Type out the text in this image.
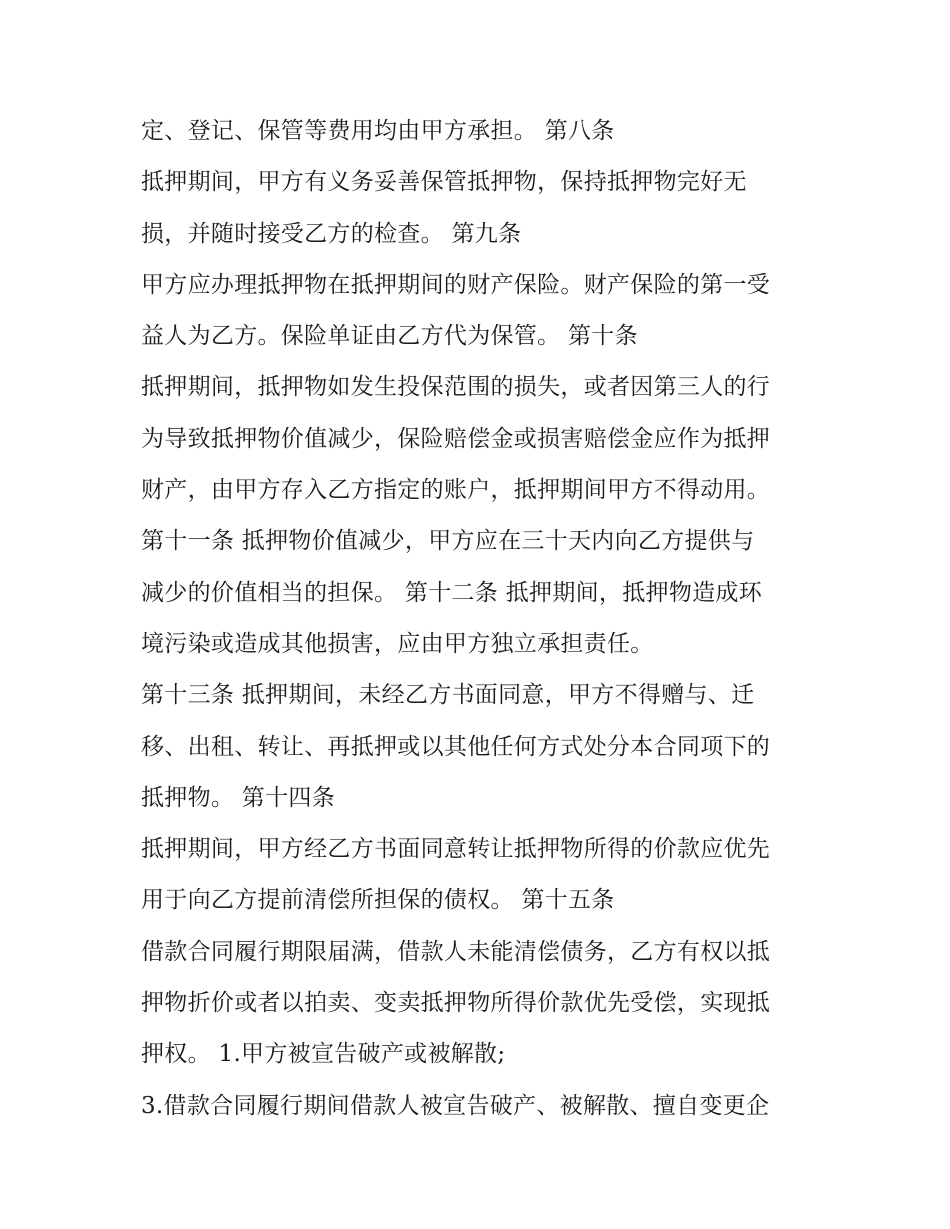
定、登记、保管等费用均由甲方承担。 第八条
抵押期间，甲方有义务妥善保管抵押物，保持抵押物完好无
损，并随时接受乙方的检查。 第九条
甲方应办理抵押物在抵押期间的财产保险。财产保险的第一受
益人为乙方。保险单证由乙方代为保管。 第十条
抵押期间，抵押物如发生投保范围的损失，或者因第三人的行
为导致抵押物价值减少，保险赔偿金或损害赔偿金应作为抵押
财产，由甲方存入乙方指定的账户，抵押期间甲方不得动用。
第十一条 抵押物价值减少，甲方应在三十天内向乙方提供与
减少的价值相当的担保。 第十二条 抵押期间，抵押物造成环
境污染或造成其他损害，应由甲方独立承担责任。
第十三条 抵押期间，未经乙方书面同意，甲方不得赠与、迁
移、出租、转让、再抵押或以其他任何方式处分本合同项下的
抵押物。 第十四条
抵押期间，甲方经乙方书面同意转让抵押物所得的价款应优先
用于向乙方提前清偿所担保的债权。 第十五条
借款合同履行期限届满，借款人未能清偿债务，乙方有权以抵
押物折价或者以拍卖、变卖抵押物所得价款优先受偿，实现抵
押权。 1.甲方被宣告破产或被解散;
3.借款合同履行期间借款人被宣告破产、被解散、擅自变更企
